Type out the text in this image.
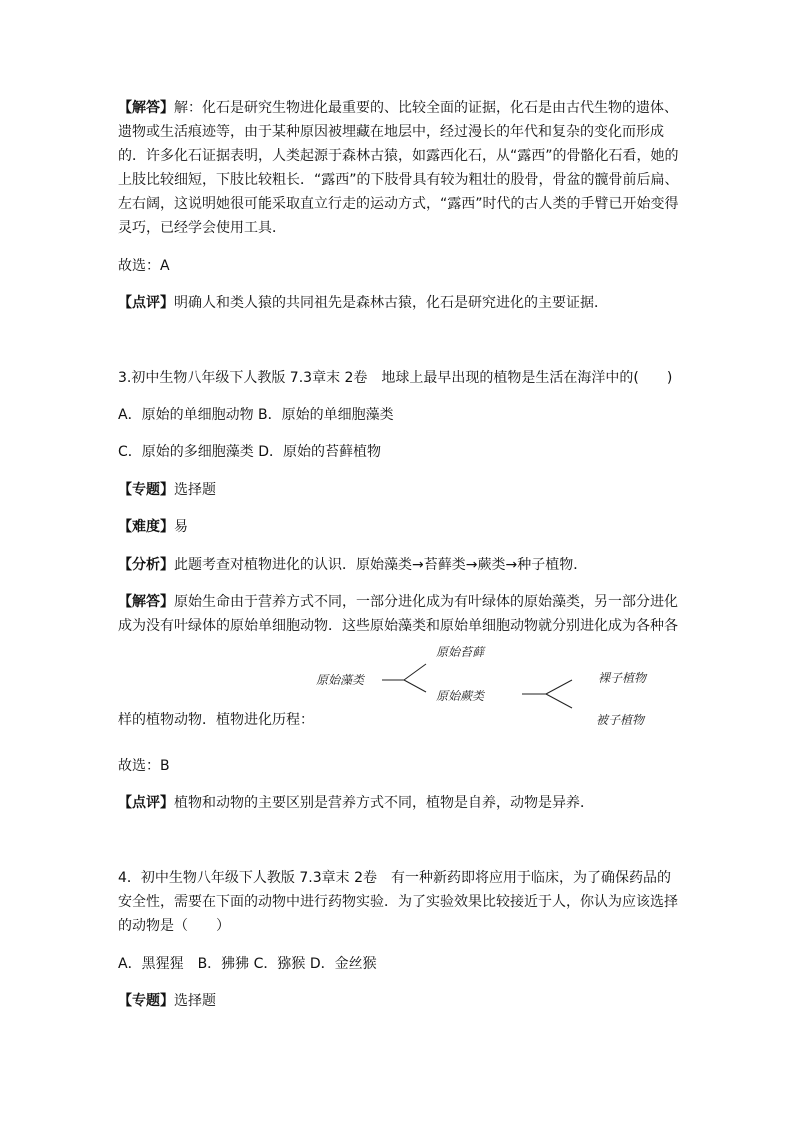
【解答】解：化石是研究生物进化最重要的、比较全面的证据，化石是由古代生物的遗体、
遗物或生活痕迹等，由于某种原因被埋藏在地层中，经过漫长的年代和复杂的变化而形成
的．许多化石证据表明，人类起源于森林古猿，如露西化石，从“露西”的骨骼化石看，她的
上肢比较细短，下肢比较粗长．“露西”的下肢骨具有较为粗壮的股骨，骨盆的髋骨前后扁、
左右阔，这说明她很可能采取直立行走的运动方式，“露西”时代的古人类的手臂已开始变得
灵巧，已经学会使用工具．
故选：A
【点评】明确人和类人猿的共同祖先是森林古猿，化石是研究进化的主要证据．
3.初中生物八年级下人教版 7.3章末 2卷　地球上最早出现的植物是生活在海洋中的(　　)
A．原始的单细胞动物 B．原始的单细胞藻类
C．原始的多细胞藻类 D．原始的苔藓植物
【专题】选择题
【难度】易
【分析】此题考查对植物进化的认识．原始藻类→苔藓类→蕨类→种子植物．
【解答】原始生命由于营养方式不同，一部分进化成为有叶绿体的原始藻类，另一部分进化
成为没有叶绿体的原始单细胞动物．这些原始藻类和原始单细胞动物就分别进化成为各种各
原始藻类
原始苔藓
原始蕨类
裸子植物
被子植物
样的植物动物．植物进化历程：
故选：B
【点评】植物和动物的主要区别是营养方式不同，植物是自养，动物是异养．
4．初中生物八年级下人教版 7.3章末 2卷　有一种新药即将应用于临床，为了确保药品的
安全性，需要在下面的动物中进行药物实验．为了实验效果比较接近于人，你认为应该选择
的动物是（　　）
A．黑猩猩　B．狒狒 C．猕猴 D．金丝猴
【专题】选择题
